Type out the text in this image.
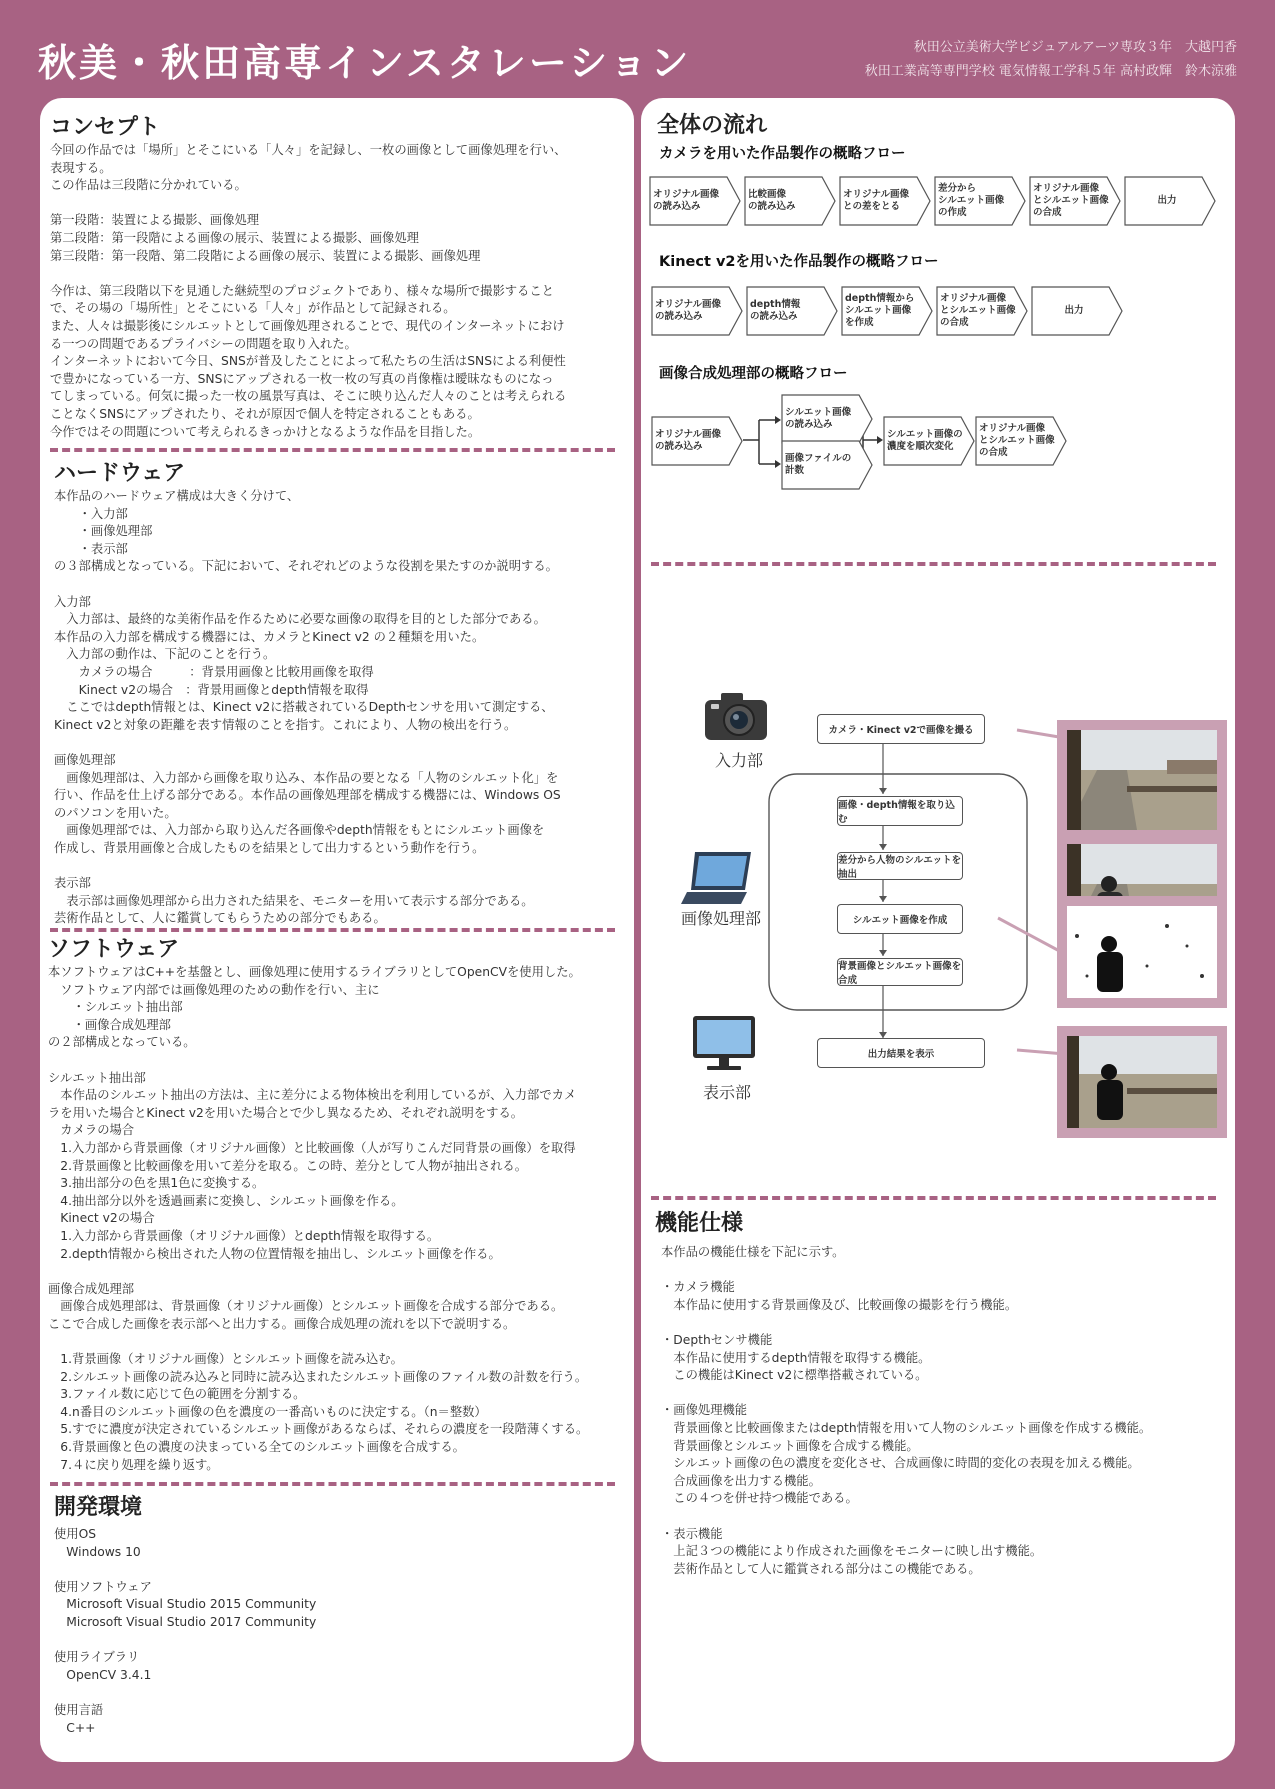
秋美・秋田高専インスタレーション	秋田公立美術大学ビジュアルアーツ専攻３年　大越円香
秋田工業高等専門学校 電気情報工学科５年 高村政輝　鈴木涼雅
コンセプト

今回の作品では「場所」とそこにいる「人々」を記録し、一枚の画像として画像処理を行い、
表現する。
この作品は三段階に分かれている。

第一段階：装置による撮影、画像処理
第二段階：第一段階による画像の展示、装置による撮影、画像処理
第三段階：第一段階、第二段階による画像の展示、装置による撮影、画像処理

今作は、第三段階以下を見通した継続型のプロジェクトであり、様々な場所で撮影すること
で、その場の「場所性」とそこにいる「人々」が作品として記録される。
また、人々は撮影後にシルエットとして画像処理されることで、現代のインターネットにおけ
る一つの問題であるプライバシーの問題を取り入れた。
インターネットにおいて今日、SNSが普及したことによって私たちの生活はSNSによる利便性
で豊かになっている一方、SNSにアップされる一枚一枚の写真の肖像権は曖昧なものになっ
てしまっている。何気に撮った一枚の風景写真は、そこに映り込んだ人々のことは考えられる
ことなくSNSにアップされたり、それが原因で個人を特定されることもある。
今作ではその問題について考えられるきっかけとなるような作品を目指した。

ハードウェア

本作品のハードウェア構成は大きく分けて、
　　・入力部
　　・画像処理部
　　・表示部
の３部構成となっている。下記において、それぞれどのような役割を果たすのか説明する。

入力部
　入力部は、最終的な美術作品を作るために必要な画像の取得を目的とした部分である。
本作品の入力部を構成する機器には、カメラとKinect v2 の２種類を用いた。
　入力部の動作は、下記のことを行う。
　　カメラの場合　　　：背景用画像と比較用画像を取得
　　Kinect v2の場合　：背景用画像とdepth情報を取得
　ここではdepth情報とは、Kinect v2に搭載されているDepthセンサを用いて測定する、
Kinect v2と対象の距離を表す情報のことを指す。これにより、人物の検出を行う。

画像処理部
　画像処理部は、入力部から画像を取り込み、本作品の要となる「人物のシルエット化」を
行い、作品を仕上げる部分である。本作品の画像処理部を構成する機器には、Windows OS
のパソコンを用いた。
　画像処理部では、入力部から取り込んだ各画像やdepth情報をもとにシルエット画像を
作成し、背景用画像と合成したものを結果として出力するという動作を行う。

表示部
　表示部は画像処理部から出力された結果を、モニターを用いて表示する部分である。
芸術作品として、人に鑑賞してもらうための部分でもある。

ソフトウェア

本ソフトウェアはC++を基盤とし、画像処理に使用するライブラリとしてOpenCVを使用した。
　ソフトウェア内部では画像処理のための動作を行い、主に
　　・シルエット抽出部
　　・画像合成処理部
の２部構成となっている。

シルエット抽出部
　本作品のシルエット抽出の方法は、主に差分による物体検出を利用しているが、入力部でカメ
ラを用いた場合とKinect v2を用いた場合とで少し異なるため、それぞれ説明をする。
　カメラの場合
　1.入力部から背景画像（オリジナル画像）と比較画像（人が写りこんだ同背景の画像）を取得
　2.背景画像と比較画像を用いて差分を取る。この時、差分として人物が抽出される。
　3.抽出部分の色を黒1色に変換する。
　4.抽出部分以外を透過画素に変換し、シルエット画像を作る。
　Kinect v2の場合
　1.入力部から背景画像（オリジナル画像）とdepth情報を取得する。
　2.depth情報から検出された人物の位置情報を抽出し、シルエット画像を作る。

画像合成処理部
　画像合成処理部は、背景画像（オリジナル画像）とシルエット画像を合成する部分である。
ここで合成した画像を表示部へと出力する。画像合成処理の流れを以下で説明する。

　1.背景画像（オリジナル画像）とシルエット画像を読み込む。
　2.シルエット画像の読み込みと同時に読み込まれたシルエット画像のファイル数の計数を行う。
　3.ファイル数に応じて色の範囲を分割する。
　4.n番目のシルエット画像の色を濃度の一番高いものに決定する。（n＝整数）
　5.すでに濃度が決定されているシルエット画像があるならば、それらの濃度を一段階薄くする。
　6.背景画像と色の濃度の決まっている全てのシルエット画像を合成する。
　7.４に戻り処理を繰り返す。

開発環境

使用OS
　Windows 10

使用ソフトウェア
　Microsoft Visual Studio 2015 Community
　Microsoft Visual Studio 2017 Community

使用ライブラリ
　OpenCV 3.4.1

使用言語
　C++

全体の流れ
カメラを用いた作品製作の概略フロー
オリジナル画像
の読み込み
比較画像
の読み込み
オリジナル画像
との差をとる
差分から
シルエット画像
の作成
オリジナル画像
とシルエット画像
の合成
出力
Kinect v2を用いた作品製作の概略フロー
オリジナル画像
の読み込み
depth情報
の読み込み
depth情報から
シルエット画像
を作成
オリジナル画像
とシルエット画像
の合成
出力
画像合成処理部の概略フロー
オリジナル画像
の読み込み
シルエット画像
の読み込み
画像ファイルの
計数
シルエット画像の
濃度を順次変化
オリジナル画像
とシルエット画像
の合成
入力部
画像処理部
表示部
カメラ・Kinect v2で画像を撮る
画像・depth情報を取り込む
差分から人物のシルエットを抽出
シルエット画像を作成
背景画像とシルエット画像を合成
出力結果を表示
機能仕様

本作品の機能仕様を下記に示す。

・カメラ機能
　本作品に使用する背景画像及び、比較画像の撮影を行う機能。

・Depthセンサ機能
　本作品に使用するdepth情報を取得する機能。
　この機能はKinect v2に標準搭載されている。

・画像処理機能
　背景画像と比較画像またはdepth情報を用いて人物のシルエット画像を作成する機能。
　背景画像とシルエット画像を合成する機能。
　シルエット画像の色の濃度を変化させ、合成画像に時間的変化の表現を加える機能。
　合成画像を出力する機能。
　この４つを併せ持つ機能である。

・表示機能
　上記３つの機能により作成された画像をモニターに映し出す機能。
　芸術作品として人に鑑賞される部分はこの機能である。
